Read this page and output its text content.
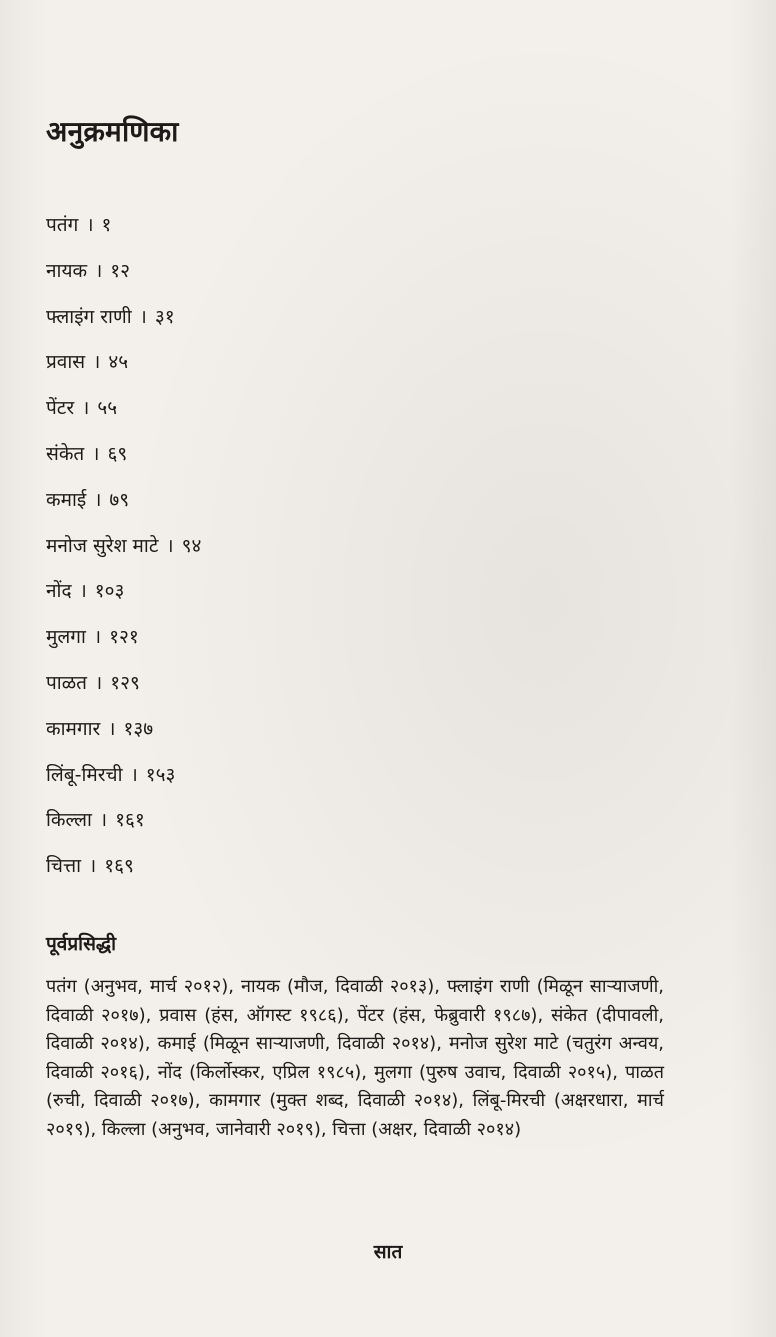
अनुक्रमणिका
पतंग । १
नायक । १२
फ्लाइंग राणी । ३१
प्रवास । ४५
पेंटर । ५५
संकेत । ६९
कमाई । ७९
मनोज सुरेश माटे । ९४
नोंद । १०३
मुलगा । १२१
पाळत । १२९
कामगार । १३७
लिंबू-मिरची । १५३
किल्ला । १६१
चित्ता । १६९
पूर्वप्रसिद्धी

पतंग (अनुभव, मार्च २०१२), नायक (मौज, दिवाळी २०१३), फ्लाइंग राणी (मिळून साऱ्याजणी, दिवाळी २०१७), प्रवास (हंस, ऑगस्ट १९८६), पेंटर (हंस, फेब्रुवारी १९८७), संकेत (दीपावली, दिवाळी २०१४), कमाई (मिळून साऱ्याजणी, दिवाळी २०१४), मनोज सुरेश माटे (चतुरंग अन्वय, दिवाळी २०१६), नोंद (किर्लोस्कर, एप्रिल १९८५), मुलगा (पुरुष उवाच, दिवाळी २०१५), पाळत (रुची, दिवाळी २०१७), कामगार (मुक्त शब्द, दिवाळी २०१४), लिंबू-मिरची (अक्षरधारा, मार्च २०१९), किल्ला (अनुभव, जानेवारी २०१९), चित्ता (अक्षर, दिवाळी २०१४)

सात
